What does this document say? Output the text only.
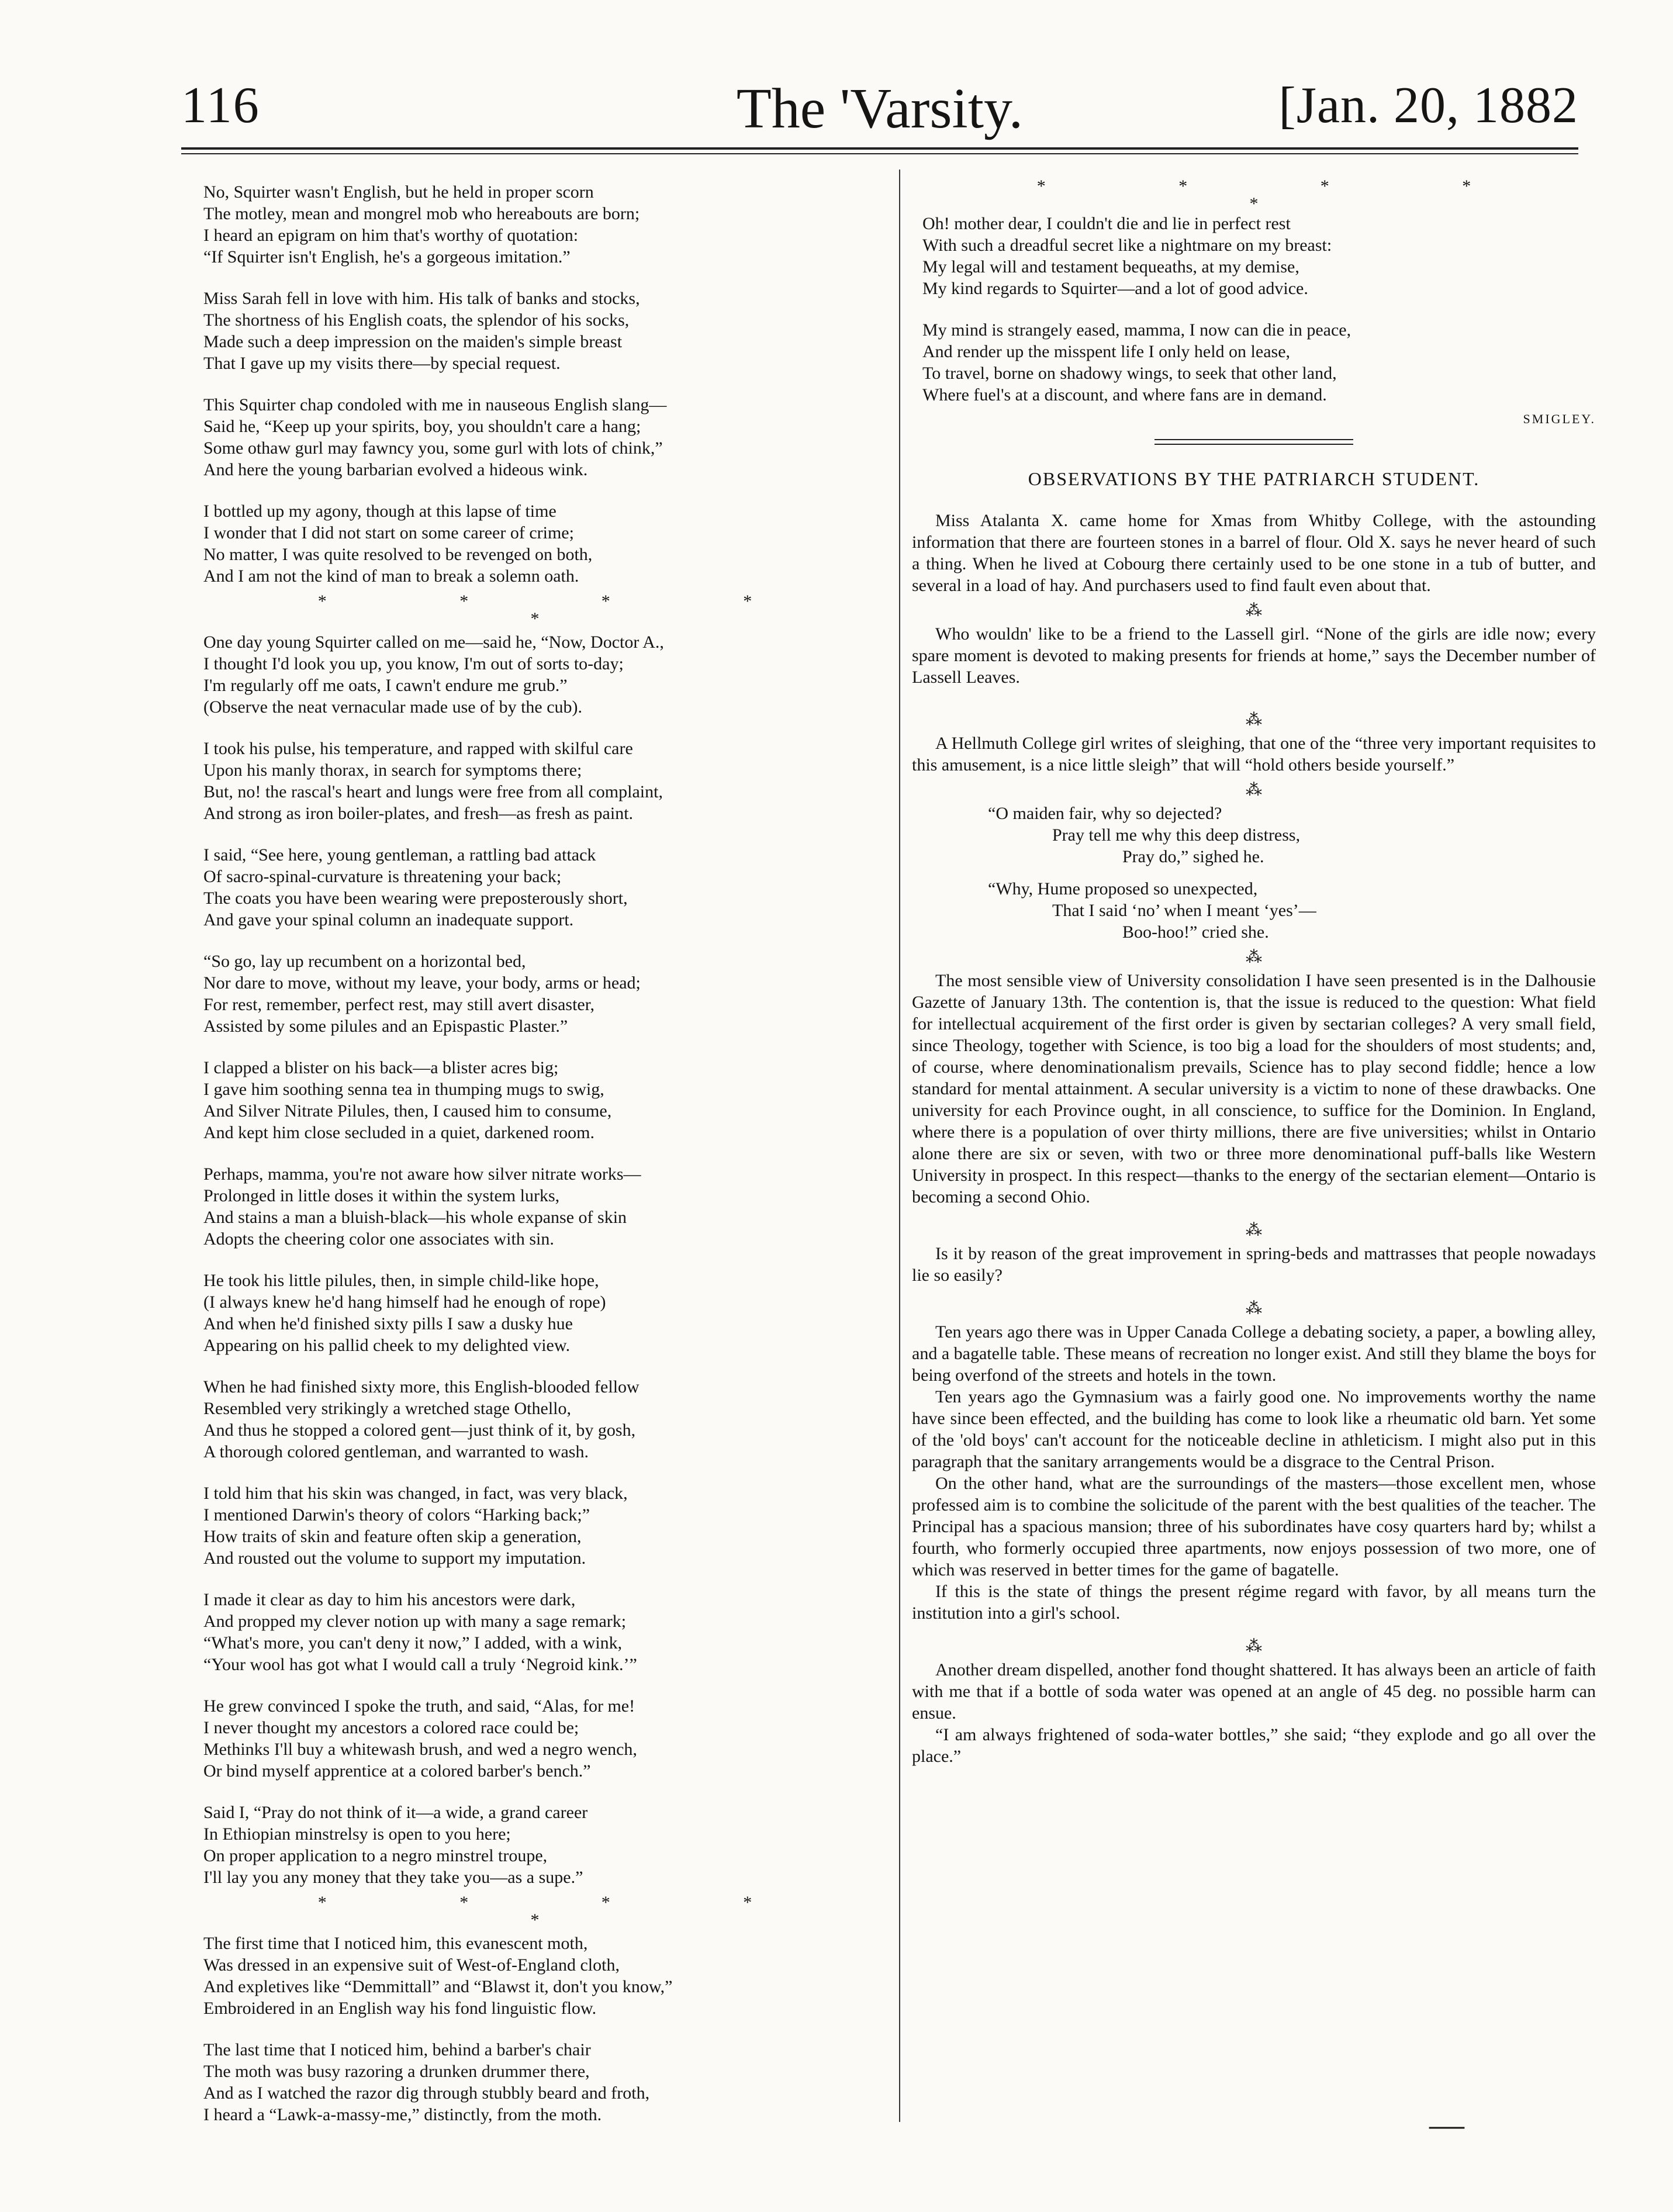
116	The 'Varsity.	[Jan. 20, 1882
No, Squirter wasn't English, but he held in proper scorn
The motley, mean and mongrel mob who hereabouts are born;
I heard an epigram on him that's worthy of quotation:
“If Squirter isn't English, he's a gorgeous imitation.”
Miss Sarah fell in love with him. His talk of banks and stocks,
The shortness of his English coats, the splendor of his socks,
Made such a deep impression on the maiden's simple breast
That I gave up my visits there—by special request.
This Squirter chap condoled with me in nauseous English slang—
Said he, “Keep up your spirits, boy, you shouldn't care a hang;
Some othaw gurl may fawncy you, some gurl with lots of chink,”
And here the young barbarian evolved a hideous wink.
I bottled up my agony, though at this lapse of time
I wonder that I did not start on some career of crime;
No matter, I was quite resolved to be revenged on both,
And I am not the kind of man to break a solemn oath.
* * * * *
One day young Squirter called on me—said he, “Now, Doctor A.,
I thought I'd look you up, you know, I'm out of sorts to-day;
I'm regularly off me oats, I cawn't endure me grub.”
(Observe the neat vernacular made use of by the cub).
I took his pulse, his temperature, and rapped with skilful care
Upon his manly thorax, in search for symptoms there;
But, no! the rascal's heart and lungs were free from all complaint,
And strong as iron boiler-plates, and fresh—as fresh as paint.
I said, “See here, young gentleman, a rattling bad attack
Of sacro-spinal-curvature is threatening your back;
The coats you have been wearing were preposterously short,
And gave your spinal column an inadequate support.
“So go, lay up recumbent on a horizontal bed,
Nor dare to move, without my leave, your body, arms or head;
For rest, remember, perfect rest, may still avert disaster,
Assisted by some pilules and an Epispastic Plaster.”
I clapped a blister on his back—a blister acres big;
I gave him soothing senna tea in thumping mugs to swig,
And Silver Nitrate Pilules, then, I caused him to consume,
And kept him close secluded in a quiet, darkened room.
Perhaps, mamma, you're not aware how silver nitrate works—
Prolonged in little doses it within the system lurks,
And stains a man a bluish-black—his whole expanse of skin
Adopts the cheering color one associates with sin.
He took his little pilules, then, in simple child-like hope,
(I always knew he'd hang himself had he enough of rope)
And when he'd finished sixty pills I saw a dusky hue
Appearing on his pallid cheek to my delighted view.
When he had finished sixty more, this English-blooded fellow
Resembled very strikingly a wretched stage Othello,
And thus he stopped a colored gent—just think of it, by gosh,
A thorough colored gentleman, and warranted to wash.
I told him that his skin was changed, in fact, was very black,
I mentioned Darwin's theory of colors “Harking back;”
How traits of skin and feature often skip a generation,
And rousted out the volume to support my imputation.
I made it clear as day to him his ancestors were dark,
And propped my clever notion up with many a sage remark;
“What's more, you can't deny it now,” I added, with a wink,
“Your wool has got what I would call a truly ‘Negroid kink.’”
He grew convinced I spoke the truth, and said, “Alas, for me!
I never thought my ancestors a colored race could be;
Methinks I'll buy a whitewash brush, and wed a negro wench,
Or bind myself apprentice at a colored barber's bench.”
Said I, “Pray do not think of it—a wide, a grand career
In Ethiopian minstrelsy is open to you here;
On proper application to a negro minstrel troupe,
I'll lay you any money that they take you—as a supe.”
* * * * *
The first time that I noticed him, this evanescent moth,
Was dressed in an expensive suit of West-of-England cloth,
And expletives like “Demmittall” and “Blawst it, don't you know,”
Embroidered in an English way his fond linguistic flow.
The last time that I noticed him, behind a barber's chair
The moth was busy razoring a drunken drummer there,
And as I watched the razor dig through stubbly beard and froth,
I heard a “Lawk-a-massy-me,” distinctly, from the moth.
* * * * *
Oh! mother dear, I couldn't die and lie in perfect rest
With such a dreadful secret like a nightmare on my breast:
My legal will and testament bequeaths, at my demise,
My kind regards to Squirter—and a lot of good advice.
My mind is strangely eased, mamma, I now can die in peace,
And render up the misspent life I only held on lease,
To travel, borne on shadowy wings, to seek that other land,
Where fuel's at a discount, and where fans are in demand.
SMIGLEY.
OBSERVATIONS BY THE PATRIARCH STUDENT.

Miss Atalanta X. came home for Xmas from Whitby College, with the astounding information that there are fourteen stones in a barrel of flour. Old X. says he never heard of such a thing. When he lived at Cobourg there certainly used to be one stone in a tub of butter, and several in a load of hay. And purchasers used to find fault even about that.

⁂

Who wouldn' like to be a friend to the Lassell girl. “None of the girls are idle now; every spare moment is devoted to making presents for friends at home,” says the December number of Lassell Leaves.

⁂

A Hellmuth College girl writes of sleighing, that one of the “three very important requisites to this amusement, is a nice little sleigh” that will “hold others beside yourself.”

⁂
“O maiden fair, why so dejected?
Pray tell me why this deep distress,
Pray do,” sighed he.
“Why, Hume proposed so unexpected,
That I said ‘no’ when I meant ‘yes’—
Boo-hoo!” cried she.
⁂

The most sensible view of University consolidation I have seen presented is in the Dalhousie Gazette of January 13th. The contention is, that the issue is reduced to the question: What field for intellectual acquirement of the first order is given by sectarian colleges? A very small field, since Theology, together with Science, is too big a load for the shoulders of most students; and, of course, where denominationalism prevails, Science has to play second fiddle; hence a low standard for mental attainment. A secular university is a victim to none of these drawbacks. One university for each Province ought, in all conscience, to suffice for the Dominion. In England, where there is a population of over thirty millions, there are five universities; whilst in Ontario alone there are six or seven, with two or three more denominational puff-balls like Western University in prospect. In this respect—thanks to the energy of the sectarian element—Ontario is becoming a second Ohio.

⁂

Is it by reason of the great improvement in spring-beds and mattrasses that people nowadays lie so easily?

⁂

Ten years ago there was in Upper Canada College a debating society, a paper, a bowling alley, and a bagatelle table. These means of recreation no longer exist. And still they blame the boys for being overfond of the streets and hotels in the town.

Ten years ago the Gymnasium was a fairly good one. No improvements worthy the name have since been effected, and the building has come to look like a rheumatic old barn. Yet some of the 'old boys' can't account for the noticeable decline in athleticism. I might also put in this paragraph that the sanitary arrangements would be a disgrace to the Central Prison.

On the other hand, what are the surroundings of the masters—those excellent men, whose professed aim is to combine the solicitude of the parent with the best qualities of the teacher. The Principal has a spacious mansion; three of his subordinates have cosy quarters hard by; whilst a fourth, who formerly occupied three apartments, now enjoys possession of two more, one of which was reserved in better times for the game of bagatelle.

If this is the state of things the present régime regard with favor, by all means turn the institution into a girl's school.

⁂

Another dream dispelled, another fond thought shattered. It has always been an article of faith with me that if a bottle of soda water was opened at an angle of 45 deg. no possible harm can ensue.

“I am always frightened of soda-water bottles,” she said; “they explode and go all over the place.”

—
